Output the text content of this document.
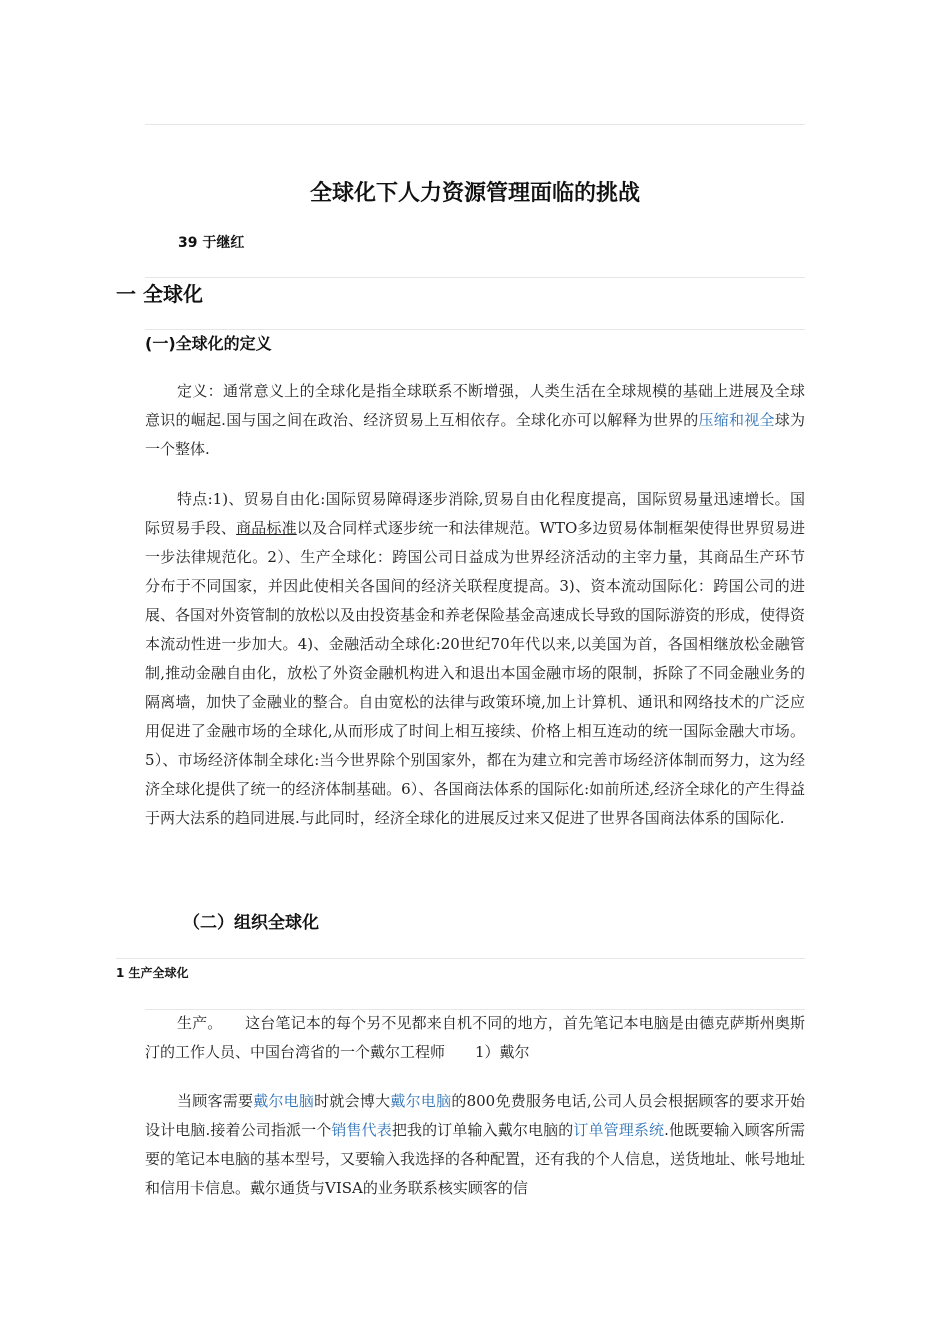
全球化下人力资源管理面临的挑战
39 于继红
一 全球化
(一)全球化的定义

定义：通常意义上的全球化是指全球联系不断增强，人类生活在全球规模的基础上进展及全球意识的崛起.国与国之间在政治、经济贸易上互相依存。全球化亦可以解释为世界的压缩和视全球为一个整体.

特点:1)、贸易自由化:国际贸易障碍逐步消除,贸易自由化程度提高，国际贸易量迅速增长。国际贸易手段、商品标准以及合同样式逐步统一和法律规范。WTO多边贸易体制框架使得世界贸易进一步法律规范化。2）、生产全球化：跨国公司日益成为世界经济活动的主宰力量，其商品生产环节分布于不同国家，并因此使相关各国间的经济关联程度提高。3)、资本流动国际化：跨国公司的进展、各国对外资管制的放松以及由投资基金和养老保险基金高速成长导致的国际游资的形成，使得资本流动性进一步加大。4)、金融活动全球化:20世纪70年代以来,以美国为首，各国相继放松金融管制,推动金融自由化，放松了外资金融机构进入和退出本国金融市场的限制，拆除了不同金融业务的隔离墙，加快了金融业的整合。自由宽松的法律与政策环境,加上计算机、通讯和网络技术的广泛应用促进了金融市场的全球化,从而形成了时间上相互接续、价格上相互连动的统一国际金融大市场。5）、市场经济体制全球化:当今世界除个别国家外，都在为建立和完善市场经济体制而努力，这为经济全球化提供了统一的经济体制基础。6）、各国商法体系的国际化:如前所述,经济全球化的产生得益于两大法系的趋同进展.与此同时，经济全球化的进展反过来又促进了世界各国商法体系的国际化.

（二）组织全球化
1 生产全球化

生产。　　这台笔记本的每个另不见都来自机不同的地方，首先笔记本电脑是由德克萨斯州奥斯汀的工作人员、中国台湾省的一个戴尔工程师　　1）戴尔

当顾客需要戴尔电脑时就会博大戴尔电脑的800免费服务电话,公司人员会根据顾客的要求开始设计电脑.接着公司指派一个销售代表把我的订单输入戴尔电脑的订单管理系统.他既要输入顾客所需要的笔记本电脑的基本型号，又要输入我选择的各种配置，还有我的个人信息，送货地址、帐号地址和信用卡信息。戴尔通货与VISA的业务联系核实顾客的信
